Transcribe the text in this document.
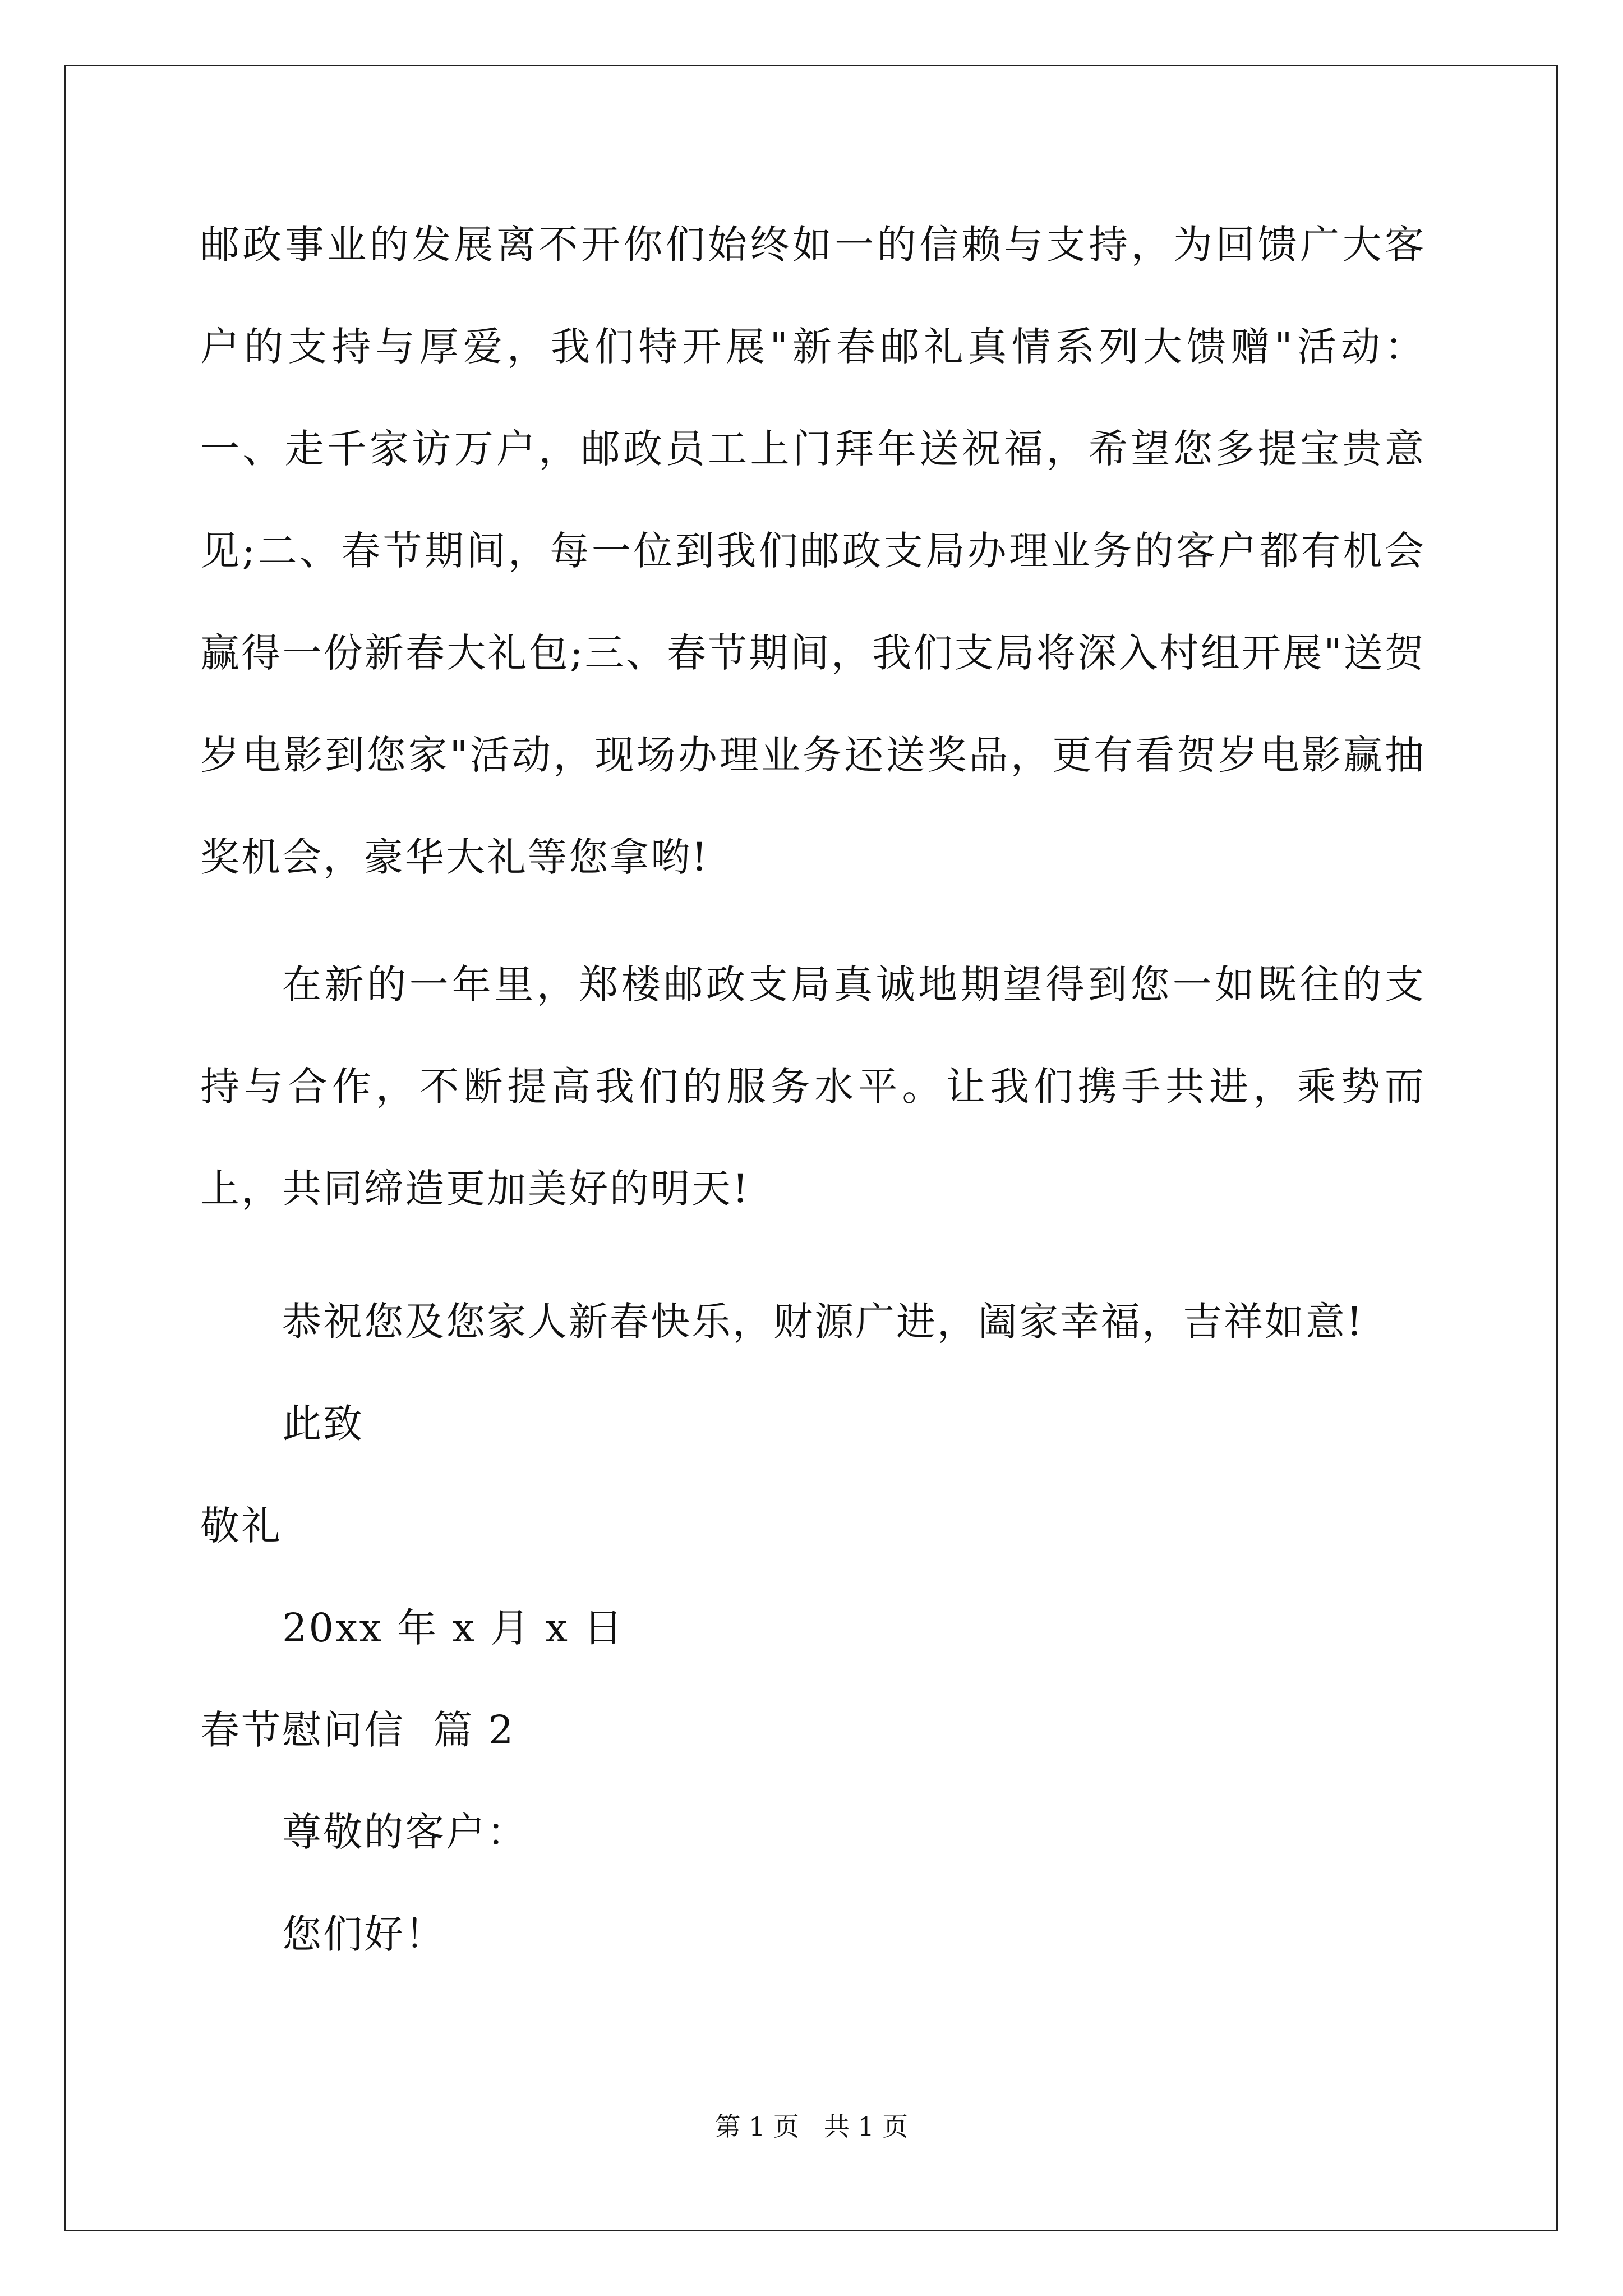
邮政事业的发展离不开你们始终如一的信赖与支持，为回馈广大客户的支持与厚爱，我们特开展"新春邮礼真情系列大馈赠"活动：一、走千家访万户，邮政员工上门拜年送祝福，希望您多提宝贵意见;二、春节期间，每一位到我们邮政支局办理业务的客户都有机会赢得一份新春大礼包;三、春节期间，我们支局将深入村组开展"送贺岁电影到您家"活动，现场办理业务还送奖品，更有看贺岁电影赢抽奖机会，豪华大礼等您拿哟!
在新的一年里，郑楼邮政支局真诚地期望得到您一如既往的支持与合作，不断提高我们的服务水平。让我们携手共进，乘势而上，共同缔造更加美好的明天!
恭祝您及您家人新春快乐，财源广进，阖家幸福，吉祥如意!
此致
敬礼
20xx 年 x 月 x 日
春节慰问信  篇 2
尊敬的客户：
您们好！
第 1 页   共 1 页
